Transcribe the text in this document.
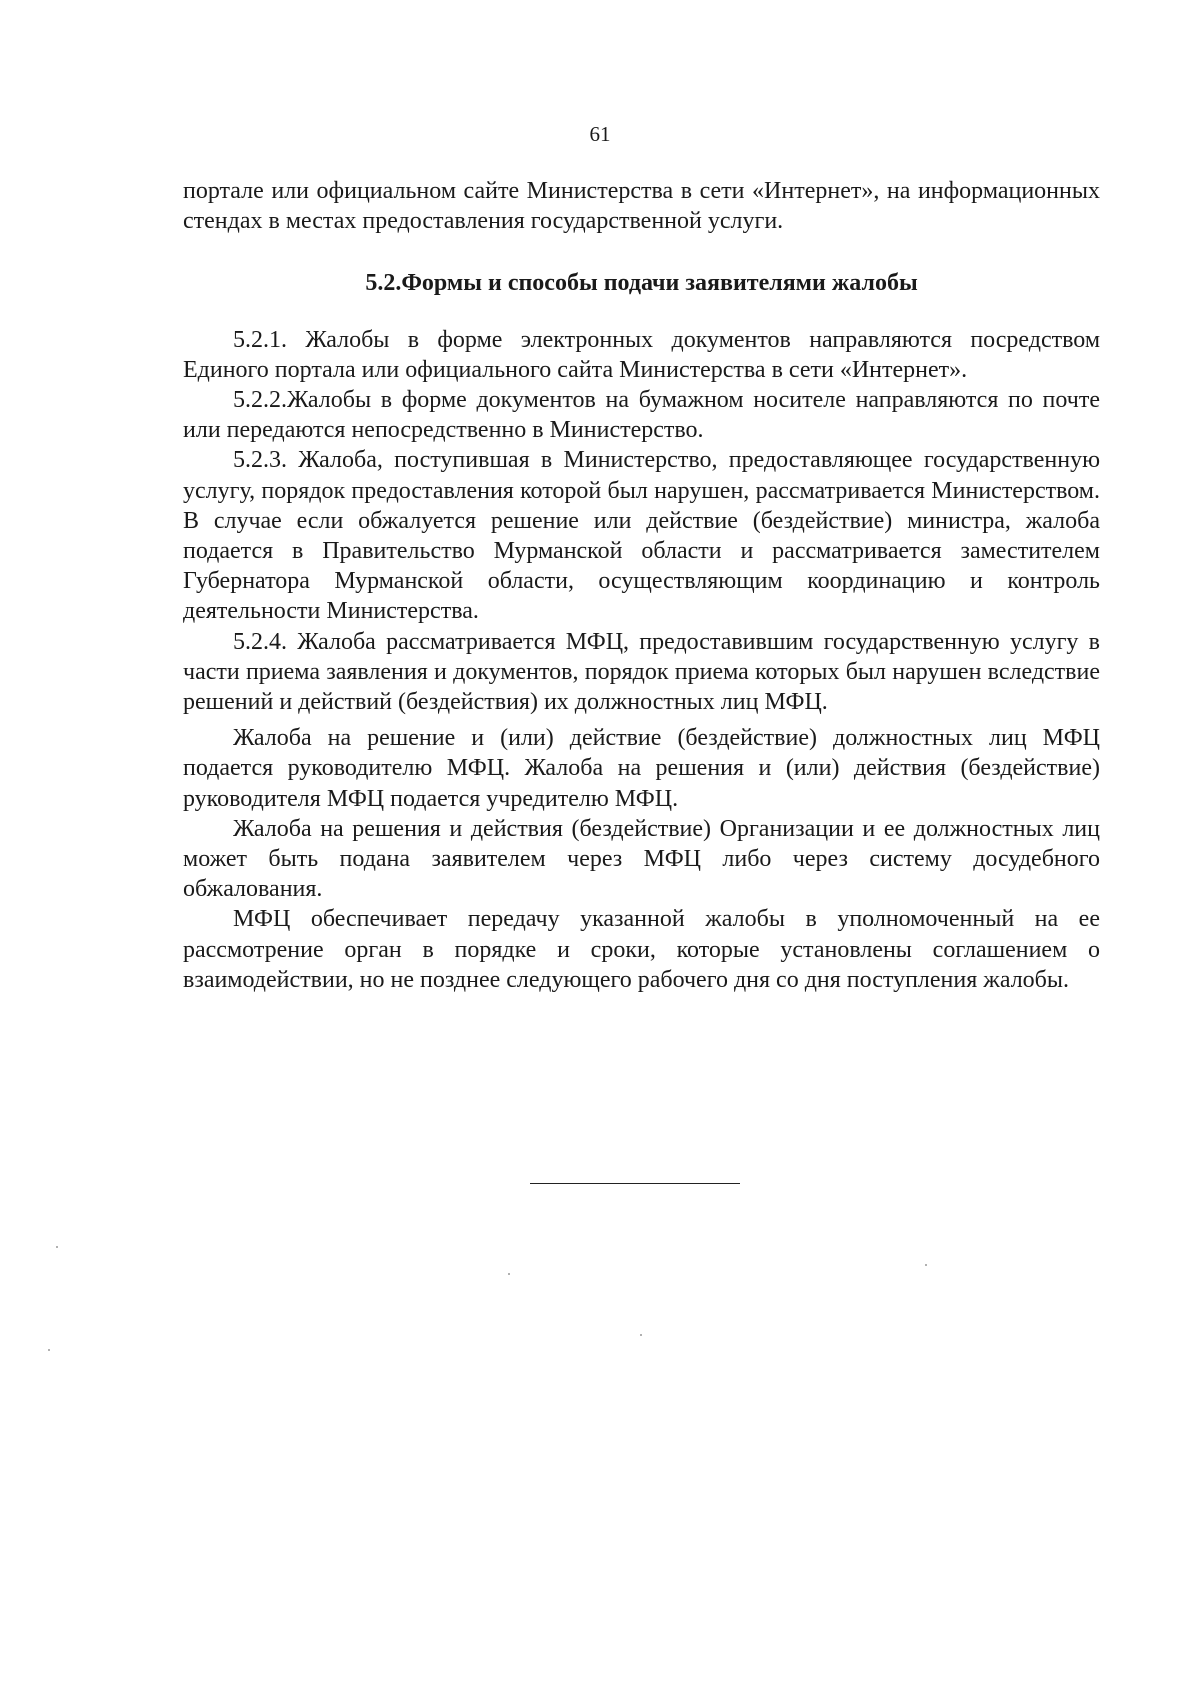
61

порталe или официальном сайте Министерства в сети «Интернет», на информационных стендах в местах предоставления государственной услуги.

5.2.Формы и способы подачи заявителями жалобы

5.2.1. Жалобы в форме электронных документов направляются посредством Единого портала или официального сайта Министерства в сети «Интернет».

5.2.2.Жалобы в форме документов на бумажном носителе направляются по почте или передаются непосредственно в Министерство.

5.2.3. Жалоба, поступившая в Министерство, предоставляющее государственную услугу, порядок предоставления которой был нарушен, рассматривается Министерством. В случае если обжалуется решение или действие (бездействие) министра, жалоба подается в Правительство Мурманской области и рассматривается заместителем Губернатора Мурманской области, осуществляющим координацию и контроль деятельности Министерства.

5.2.4. Жалоба рассматривается МФЦ, предоставившим государственную услугу в части приема заявления и документов, порядок приема которых был нарушен вследствие решений и действий (бездействия) их должностных лиц МФЦ.

Жалоба на решение и (или) действие (бездействие) должностных лиц МФЦ подается руководителю МФЦ. Жалоба на решения и (или) действия (бездействие) руководителя МФЦ подается учредителю МФЦ.

Жалоба на решения и действия (бездействие) Организации и ее должностных лиц может быть подана заявителем через МФЦ либо через систему досудебного обжалования.

МФЦ обеспечивает передачу указанной жалобы в уполномоченный на ее рассмотрение орган в порядке и сроки, которые установлены соглашением о взаимодействии, но не позднее следующего рабочего дня со дня поступления жалобы.
